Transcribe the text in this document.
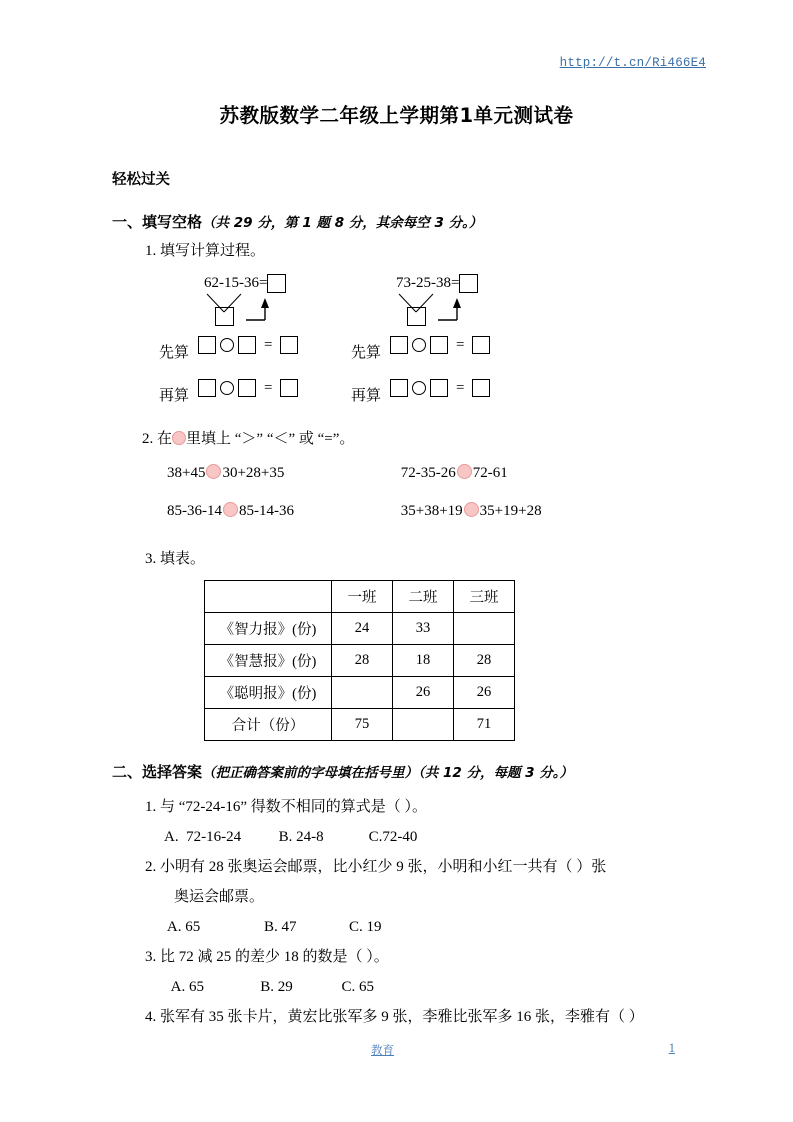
http://t.cn/Ri466E4
苏教版数学二年级上学期第1单元测试卷
轻松过关
一、填写空格（共 29 分，第 1 题 8 分，其余每空 3 分。）
1. 填写计算过程。
62-15-36=
先算
=
再算
=
73-25-38=
先算
=
再算
=
2. 在 里填上 “＞” “＜” 或 “=”。
38+45 30+28+35	72-35-26 72-61
85-36-14 85-14-36	35+38+19 35+19+28
3. 填表。
	一班	二班	三班
《智力报》(份)	24	33	
《智慧报》(份)	28	18	28
《聪明报》(份)		26	26
合计（份）	75		71
二、选择答案（把正确答案前的字母填在括号里）（共 12 分，每题 3 分。）
1. 与 “72-24-16” 得数不相同的算式是（ ）。
A.  72-16-24          B. 24-8            C.72-40
2. 小明有 28 张奥运会邮票，比小红少 9 张，小明和小红一共有（ ）张
奥运会邮票。
A. 65                 B. 47              C. 19
3. 比 72 减 25 的差少 18 的数是（ ）。
A. 65               B. 29             C. 65
4. 张军有 35 张卡片，黄宏比张军多 9 张，李雅比张军多 16 张，李雅有（ ）
教育	1
